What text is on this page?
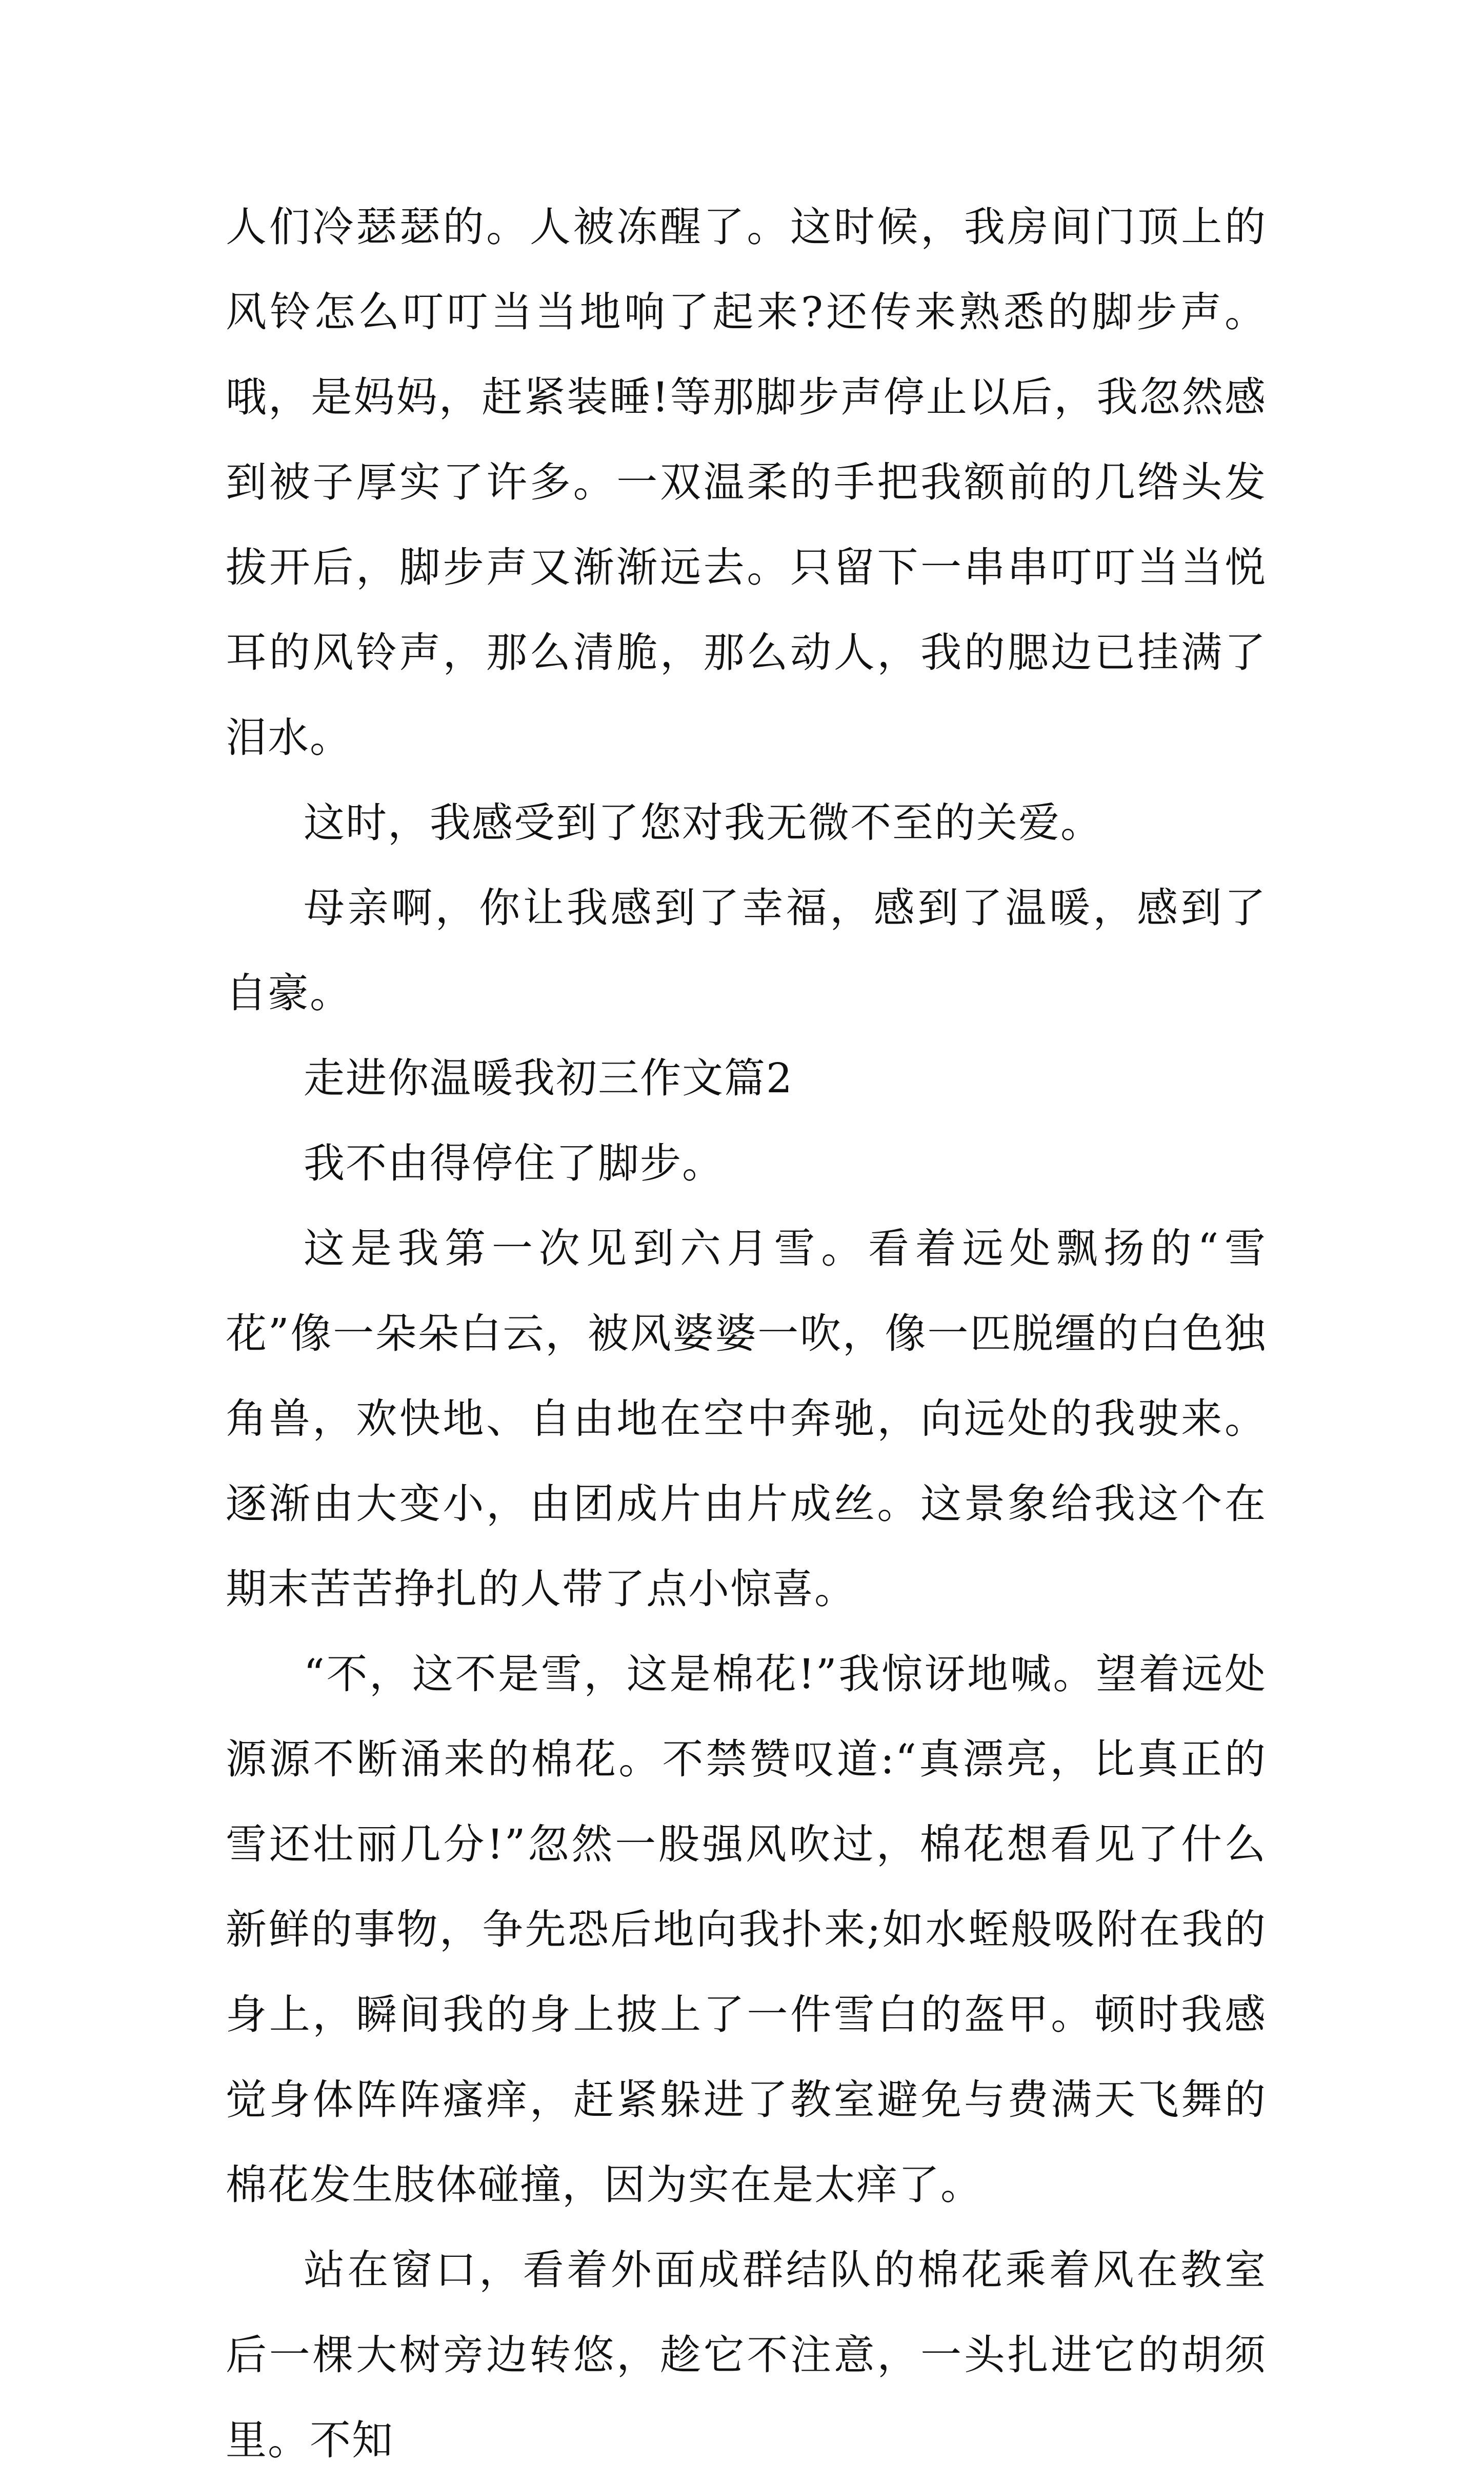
人们冷瑟瑟的。人被冻醒了。这时候，我房间门顶上的风铃怎么叮叮当当地响了起来?还传来熟悉的脚步声。哦，是妈妈，赶紧装睡!等那脚步声停止以后，我忽然感到被子厚实了许多。一双温柔的手把我额前的几绺头发拔开后，脚步声又渐渐远去。只留下一串串叮叮当当悦耳的风铃声，那么清脆，那么动人，我的腮边已挂满了泪水。

这时，我感受到了您对我无微不至的关爱。

母亲啊，你让我感到了幸福，感到了温暖，感到了自豪。

走进你温暖我初三作文篇2

我不由得停住了脚步。

这是我第一次见到六月雪。看着远处飘扬的“雪花”像一朵朵白云，被风婆婆一吹，像一匹脱缰的白色独角兽，欢快地、自由地在空中奔驰，向远处的我驶来。逐渐由大变小，由团成片由片成丝。这景象给我这个在期末苦苦挣扎的人带了点小惊喜。

“不，这不是雪，这是棉花!”我惊讶地喊。望着远处源源不断涌来的棉花。不禁赞叹道:“真漂亮，比真正的雪还壮丽几分!”忽然一股强风吹过，棉花想看见了什么新鲜的事物，争先恐后地向我扑来;如水蛭般吸附在我的身上，瞬间我的身上披上了一件雪白的盔甲。顿时我感觉身体阵阵瘙痒，赶紧躲进了教室避免与费满天飞舞的棉花发生肢体碰撞，因为实在是太痒了。

站在窗口，看着外面成群结队的棉花乘着风在教室后一棵大树旁边转悠，趁它不注意，一头扎进它的胡须里。不知
